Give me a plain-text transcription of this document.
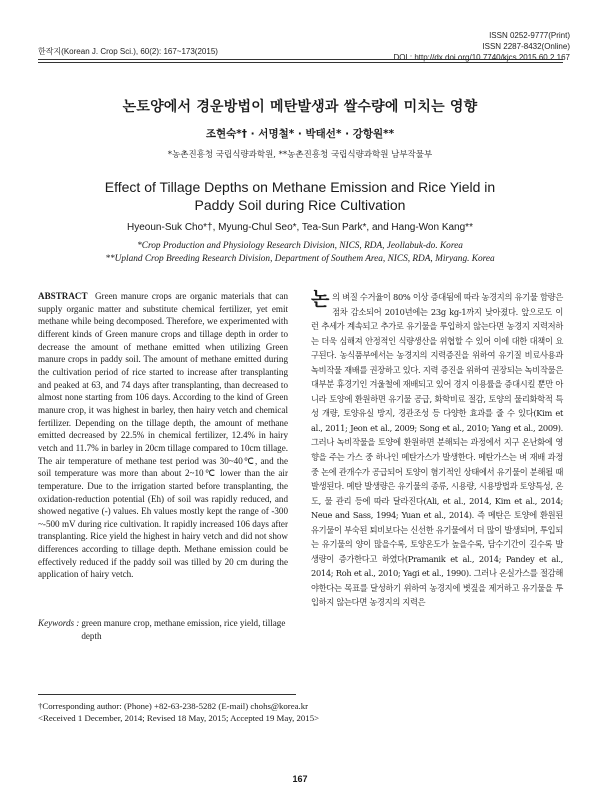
ISSN 0252-9777(Print)
ISSN 2287-8432(Online)
DOI : http://dx.doi.org/10.7740/kjcs.2015.60.2.167
한작지(Korean J. Crop Sci.), 60(2): 167~173(2015)
논토양에서 경운방법이 메탄발생과 쌀수량에 미치는 영향
조현숙*† · 서명철* · 박태선* · 강항원**
*농촌진흥청 국립식량과학원, **농촌진흥청 국립식량과학원 남부작물부
Effect of Tillage Depths on Methane Emission and Rice Yield in
Paddy Soil during Rice Cultivation
Hyeoun-Suk Cho*†, Myung-Chul Seo*, Tea-Sun Park*, and Hang-Won Kang**
*Crop Production and Physiology Research Division, NICS, RDA, Jeollabuk-do. Korea
**Upland Crop Breeding Research Division, Department of Southem Area, NICS, RDA, Miryang. Korea
ABSTRACT Green manure crops are organic materials that can supply organic matter and substitute chemical fertilizer, yet emit methane while being decomposed. Therefore, we experimented with different kinds of Green manure crops and tillage depth in order to decrease the amount of methane emitted when utilizing Green manure crops in paddy soil. The amount of methane emitted during the cultivation period of rice started to increase after transplanting and peaked at 63, and 74 days after transplanting, than decreased to almost none starting from 106 days. According to the kind of Green manure crop, it was highest in barley, then hairy vetch and chemical fertilizer. Depending on the tillage depth, the amount of methane emitted decreased by 22.5% in chemical fertilizer, 12.4% in hairy vetch and 11.7% in barley in 20cm tillage compared to 10cm tillage. The air temperature of methane test period was 30~40℃, and the soil temperature was more than about 2~10℃ lower than the air temperature. Due to the irrigation started before transplanting, the oxidation-reduction potential (Eh) of soil was rapidly reduced, and showed negative (-) values. Eh values mostly kept the range of -300 ~-500 mV during rice cultivation. It rapidly increased 106 days after transplanting. Rice yield the highest in hairy vetch and did not show differences according to tillage depth. Methane emission could be effectively reduced if the paddy soil was tilled by 20 cm during the application of hairy vetch.
Keywords : green manure crop, methane emission, rice yield, tillage depth
논의 벼질 수거율이 80% 이상 증대됨에 따라 농경지의 유기물 함량은 점차 감소되어 2010년에는 23g kg-1까지 낮아졌다. 앞으로도 이런 추세가 계속되고 추가로 유기물을 투입하지 않는다면 농경지 지력저하는 더욱 심해져 안정적인 식량생산을 위협할 수 있어 이에 대한 대책이 요구된다. 농식품부에서는 농경지의 지력증진을 위하여 유기질 비료사용과 녹비작물 재배를 권장하고 있다. 지력 증진을 위하여 권장되는 녹비작물은 대부분 휴경기인 겨울철에 재배되고 있어 경지 이용률을 증대시킬 뿐만 아니라 토양에 환원하면 유기물 공급, 화학비료 절감, 토양의 물리화학적 특성 개량, 토양유실 방지, 경관조성 등 다양한 효과를 줄 수 있다(Kim et al., 2011; Jeon et al., 2009; Song et al., 2010; Yang et al., 2009). 그러나 녹비작물을 토양에 환원하면 분해되는 과정에서 지구 온난화에 영향을 주는 가스 중 하나인 메탄가스가 발생한다. 메탄가스는 벼 재배 과정 중 논에 관개수가 공급되어 토양이 혐기적인 상태에서 유기물이 분해될 때 발생된다. 메탄 발생량은 유기물의 종류, 시용량, 시용방법과 토양특성, 온도, 물 관리 등에 따라 달라진다(Ali, et al., 2014, Kim et al., 2014; Neue and Sass, 1994; Yuan et al., 2014). 즉 메탄은 토양에 환원된 유기물이 부숙된 퇴비보다는 신선한 유기물에서 더 많이 발생되며, 투입되는 유기물의 양이 많을수록, 토양온도가 높을수록, 담수기간이 길수록 발생량이 증가한다고 하였다(Pramanik et al., 2014; Pandey et al., 2014; Roh et al., 2010; Yagi et al., 1990). 그러나 온실가스를 절감해야한다는 목표를 달성하기 위하여 농경지에 볏짚을 제거하고 유기물을 투입하지 않는다면 농경지의 지력은
†Corresponding author: (Phone) +82-63-238-5282 (E-mail) chohs@korea.kr
<Received 1 December, 2014; Revised 18 May, 2015; Accepted 19 May, 2015>
167
